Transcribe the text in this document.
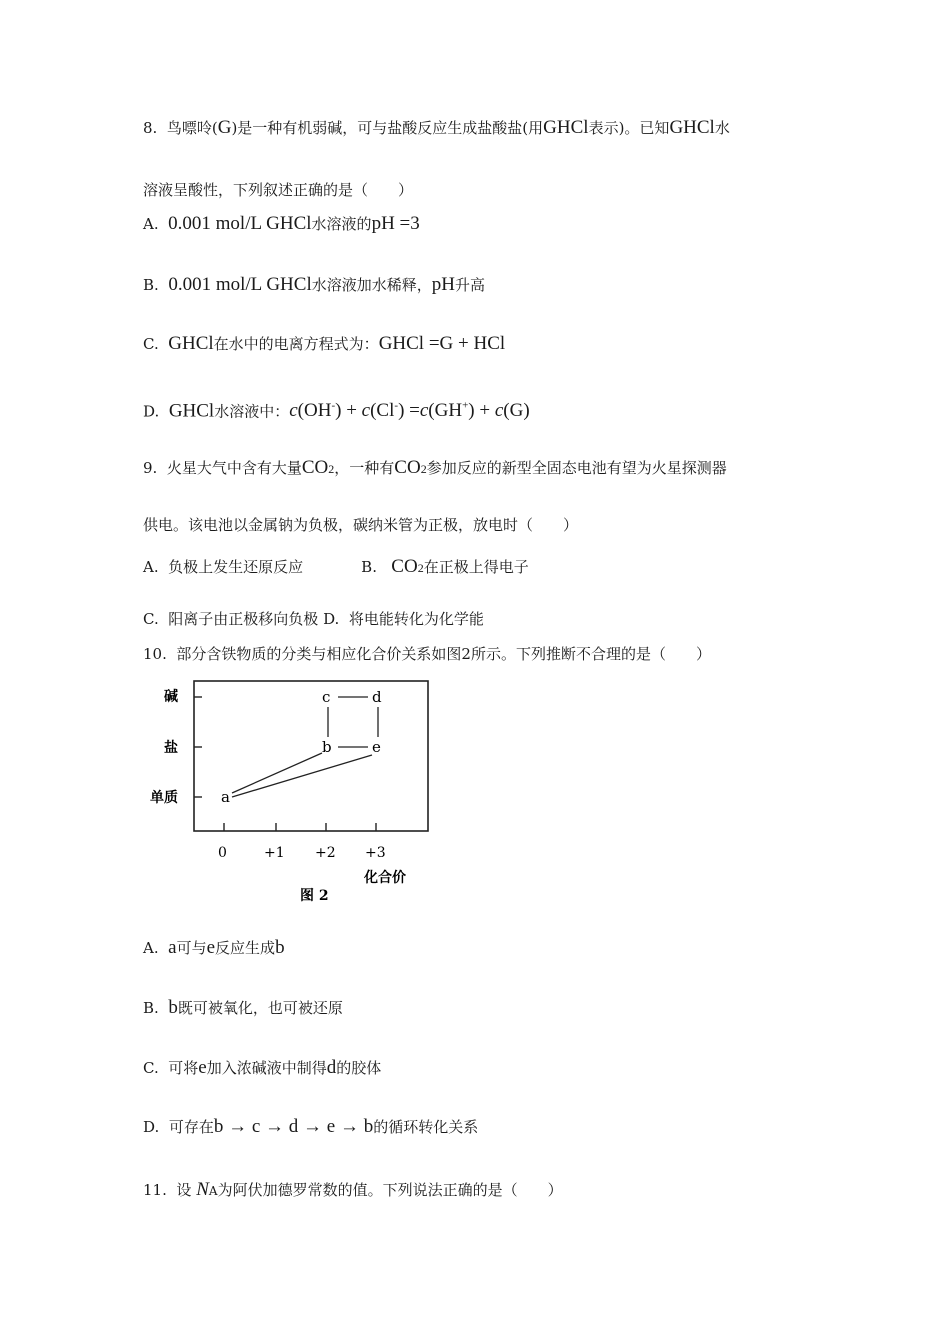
8. 鸟嘌呤(G)是一种有机弱碱，可与盐酸反应生成盐酸盐(用GHCl表示)。已知GHCl水
溶液呈酸性，下列叙述正确的是（　　）
A. 0.001 mol/L GHCl水溶液的pH =3
B. 0.001 mol/L GHCl水溶液加水稀释，pH升高
C. GHCl在水中的电离方程式为：GHCl =G + HCl
D. GHCl水溶液中：c(OH-) + c(Cl-) =c(GH+) + c(G)
9. 火星大气中含有大量CO2，一种有CO2参加反应的新型全固态电池有望为火星探测器
供电。该电池以金属钠为负极，碳纳米管为正极，放电时（　　）
A. 负极上发生还原反应	B. CO2在正极上得电子
C. 阳离子由正极移向负极 D. 将电能转化为化学能
10. 部分含铁物质的分类与相应化合价关系如图2所示。下列推断不合理的是（　　）
碱
盐
单质
0	+1 +2 +3
化合价
图 2
c	d
b	e
a
A. a可与e反应生成b
B. b既可被氧化，也可被还原
C. 可将e加入浓碱液中制得d的胶体
D. 可存在b → c → d → e → b的循环转化关系
11. 设 NA为阿伏加德罗常数的值。下列说法正确的是（　　）
